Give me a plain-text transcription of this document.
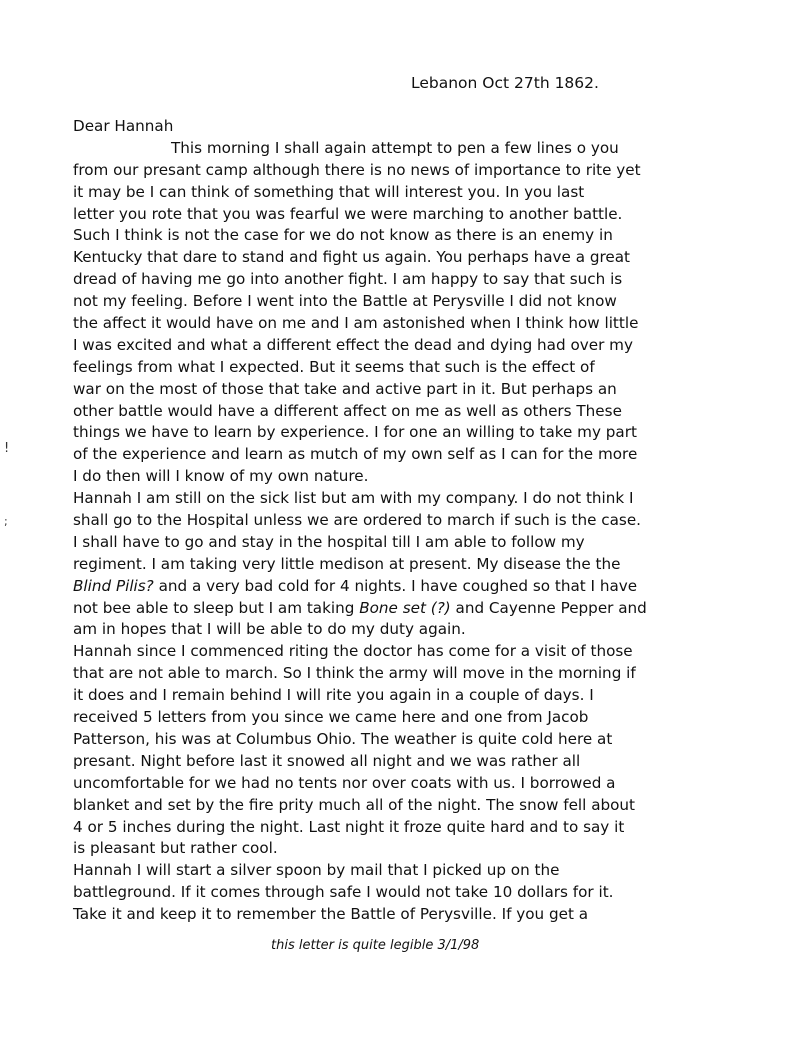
Lebanon Oct 27th 1862.
Dear Hannah
This morning I shall again attempt to pen a few lines o you
from our presant camp although there is no news of importance to rite yet
it may be I can think of something that will interest you. In you last
letter you rote that you was fearful we were marching to another battle.
Such I think is not the case for we do not know as there is an enemy in
Kentucky that dare to stand and fight us again. You perhaps have a great
dread of having me go into another fight. I am happy to say that such is
not my feeling. Before I went into the Battle at Perysville I did not know
the affect it would have on me and I am astonished when I think how little
I was excited and what a different effect the dead and dying had over my
feelings from what I expected. But it seems that such is the effect of
war on the most of those that take and active part in it. But perhaps an
other battle would have a different affect on me as well as others These
things we have to learn by experience. I for one an willing to take my part
of the experience and learn as mutch of my own self as I can for the more
I do then will I know of my own nature.
Hannah I am still on the sick list but am with my company. I do not think I
shall go to the Hospital unless we are ordered to march if such is the case.
I shall have to go and stay in the hospital till I am able to follow my
regiment. I am taking very little medison at present. My disease the the
Blind Pilis? and a very bad cold for 4 nights. I have coughed so that I have
not bee able to sleep but I am taking Bone set (?) and Cayenne Pepper and
am in hopes that I will be able to do my duty again.
Hannah since I commenced riting the doctor has come for a visit of those
that are not able to march. So I think the army will move in the morning if
it does and I remain behind I will rite you again in a couple of days. I
received 5 letters from you since we came here and one from Jacob
Patterson, his was at Columbus Ohio. The weather is quite cold here at
presant. Night before last it snowed all night and we was rather all
uncomfortable for we had no tents nor over coats with us. I borrowed a
blanket and set by the fire prity much all of the night. The snow fell about
4 or 5 inches during the night. Last night it froze quite hard and to say it
is pleasant but rather cool.
Hannah I will start a silver spoon by mail that I picked up on the
battleground. If it comes through safe I would not take 10 dollars for it.
Take it and keep it to remember the Battle of Perysville. If you get a
!
;
this letter is quite legible 3/1/98
